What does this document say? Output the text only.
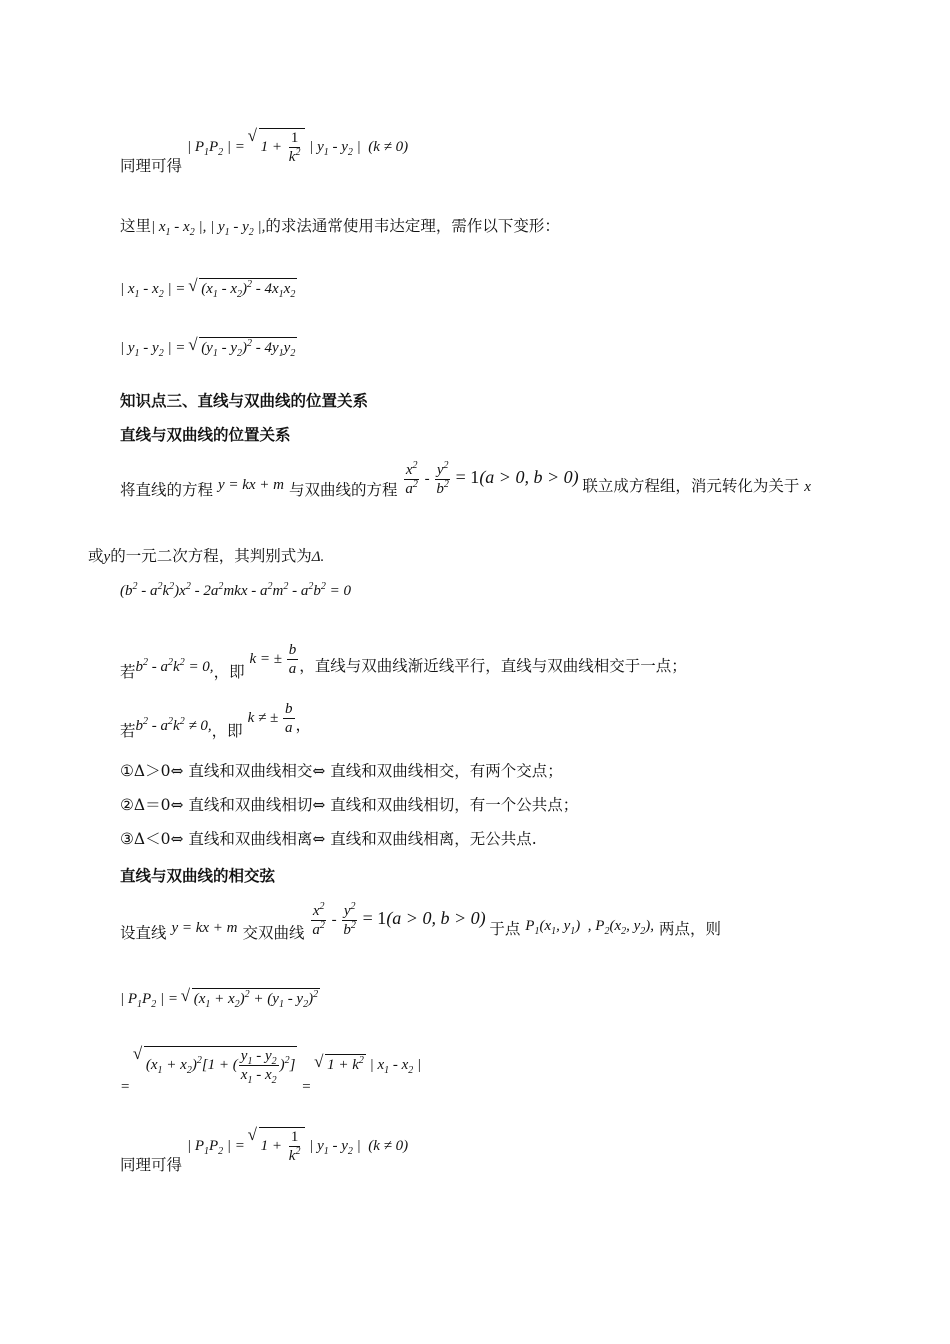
同理可得 | $P_1P_2$ | = √ $1 + \frac{1}{k^2}$ | $y_1 - y_2$ |  (k ≠ 0)
这里| $x_1 - x_2$ |, | $y_1 - y_2$ |,的求法通常使用韦达定理，需作以下变形：
| $x_1 - x_2$ | = √ $(x_1 - x_2)^2 - 4x_1x_2$
| $y_1 - y_2$ | = √ $(y_1 - y_2)^2 - 4y_1y_2$
知识点三、直线与双曲线的位置关系
直线与双曲线的位置关系
将直线的方程 y = kx + m 与双曲线的方程 $\frac{x^2}{a^2} - \frac{y^2}{b^2} = 1(a > 0$, b > 0) 联立成方程组，消元转化为关于 x
或y的一元二次方程，其判别式为Δ.
$(b^2 - a^2k^2)x^2 - 2a^2mkx - a^2m^2 - a^2b^2 = 0$
若$b^2 - a^2k^2 = 0$,，即 k = ± $\frac{b}{a}$ ，直线与双曲线渐近线平行，直线与双曲线相交于一点；
若$b^2 - a^2k^2 \ne 0$,，即 k ≠ ± $\frac{b}{a}$ ，
①Δ＞0⇔ 直线和双曲线相交⇔ 直线和双曲线相交，有两个交点；
②Δ＝0⇔ 直线和双曲线相切⇔ 直线和双曲线相切，有一个公共点；
③Δ＜0⇔ 直线和双曲线相离⇔ 直线和双曲线相离，无公共点.
直线与双曲线的相交弦
设直线 y = kx + m 交双曲线 $\frac{x^2}{a^2} - \frac{y^2}{b^2} = 1(a > 0$, b > 0) 于点 $P_1(x_1$, $y_1$)  , $P_2(x_2$, $y_2$), 两点，则
| $P_1P_2$ | = √ $(x_1 + x_2)^2 + (y_1 - y_2)^2$
= √ $(x_1 + x_2)^2[1$ + ( $\frac{y_1 - y_2}{x_1 - x_2} )^2$] = √ $1 + k^2$ | $x_1 - x_2$ |
同理可得 | $P_1P_2$ | = √ $1 + \frac{1}{k^2}$ | $y_1 - y_2$ |  (k ≠ 0)
